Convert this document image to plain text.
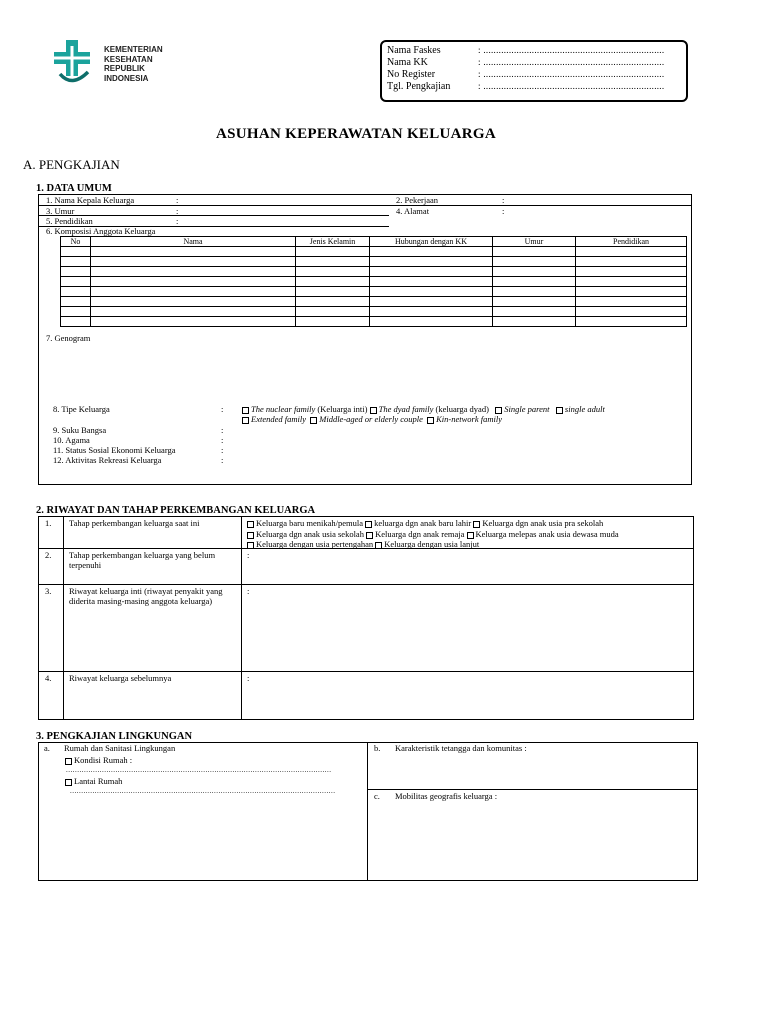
KEMENTERIAN
KESEHATAN
REPUBLIK
INDONESIA
Nama Faskes	: .......................................................................
Nama KK	: .......................................................................
No Register	: .......................................................................
Tgl. Pengkajian	: .......................................................................
ASUHAN KEPERAWATAN KELUARGA
A. PENGKAJIAN
1. DATA UMUM
1. Nama Kepala Keluarga	:	2. Pekerjaan	:
3. Umur	:	4. Alamat	:
5. Pendidikan	:
6. Komposisi Anggota Keluarga
No	Nama	Jenis Kelamin	Hubungan dengan KK	Umur	Pendidikan

7. Genogram
8. Tipe Keluarga	:	The nuclear family (Keluarga inti) The dyad family (keluarga dyad) Single parent single adult
Extended family Middle-aged or elderly couple Kin-network family
9. Suku Bangsa	:
10. Agama	:
11. Status Sosial Ekonomi Keluarga	:
12. Aktivitas Rekreasi Keluarga	:
2. RIWAYAT DAN TAHAP PERKEMBANGAN KELUARGA
1. Tahap perkembangan keluarga saat ini	Keluarga baru menikah/pemula keluarga dgn anak baru lahir Keluarga dgn anak usia pra sekolah
Keluarga dgn anak usia sekolah Keluarga dgn anak remaja Keluarga melepas anak usia dewasa muda
Keluarga dengan usia pertengahan Keluarga dengan usia lanjut
2. Tahap perkembangan keluarga yang belum terpenuhi
:
3. Riwayat keluarga inti (riwayat penyakit yang diderita masing-masing anggota keluarga)
:
4. Riwayat keluarga sebelumnya	:
3. PENGKAJIAN LINGKUNGAN
a. Rumah dan Sanitasi Lingkungan
Kondisi Rumah :
......................................................................................................................
Lantai Rumah
......................................................................................................................
b. Karakteristik tetangga dan komunitas :
c. Mobilitas geografis keluarga :
